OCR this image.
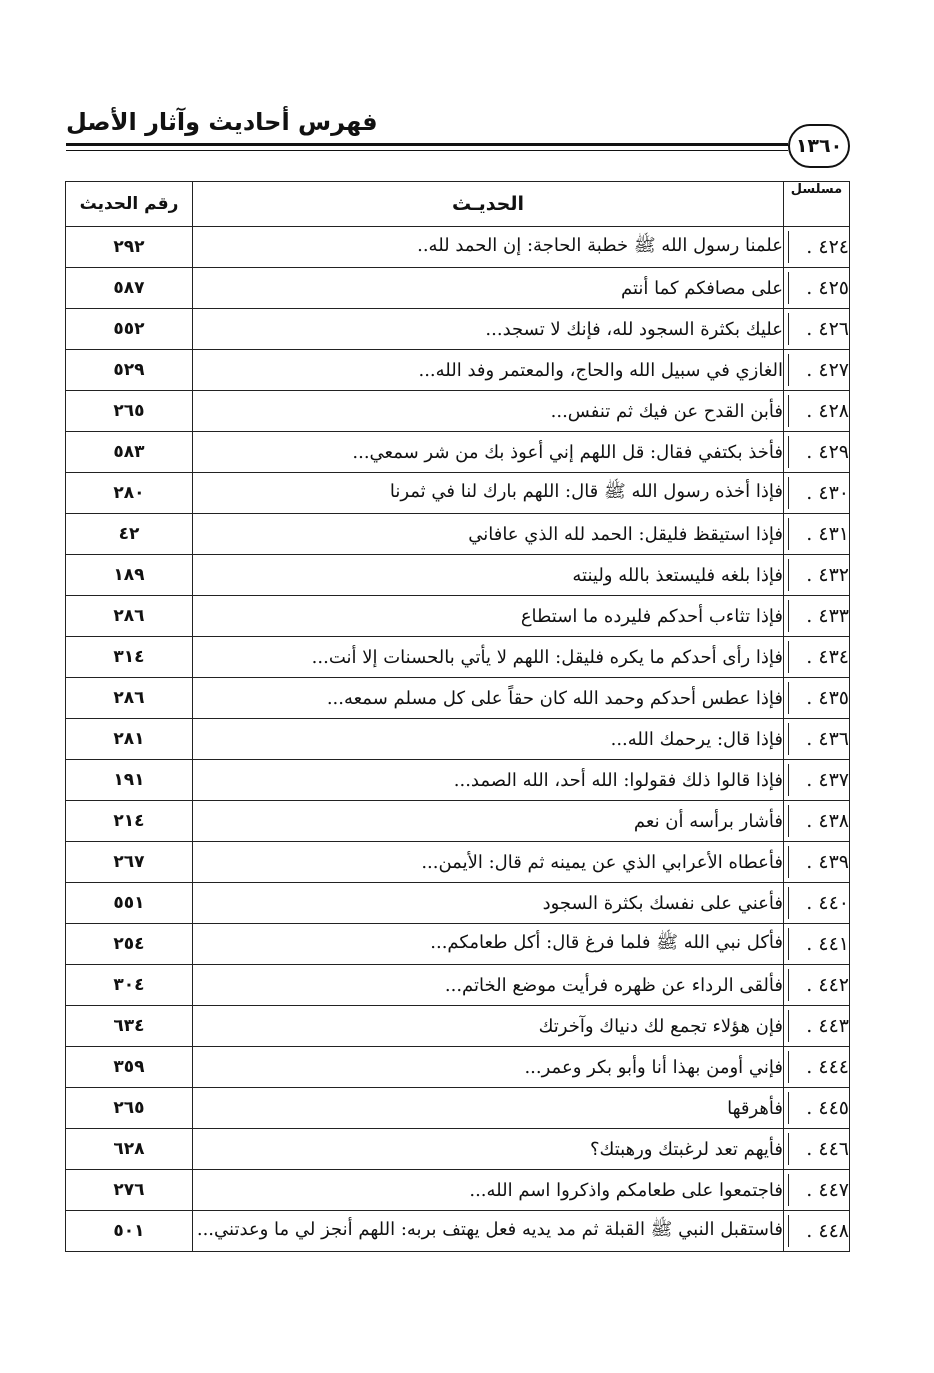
فهرس أحاديث وآثار الأصل
١٣٦٠
مسلسل	الحديـث	رقم الحديث
٤٢٤ .	علمنا رسول الله ﷺ خطبة الحاجة: إن الحمد لله..	٢٩٢
٤٢٥ .	على مصافكم كما أنتم	٥٨٧
٤٢٦ .	عليك بكثرة السجود لله، فإنك لا تسجد...	٥٥٢
٤٢٧ .	الغازي في سبيل الله والحاج، والمعتمر وفد الله...	٥٢٩
٤٢٨ .	فأبن القدح عن فيك ثم تنفس...	٢٦٥
٤٢٩ .	فأخذ بكتفي فقال: قل اللهم إني أعوذ بك من شر سمعي...	٥٨٣
٤٣٠ .	فإذا أخذه رسول الله ﷺ قال: اللهم بارك لنا في ثمرنا	٢٨٠
٤٣١ .	فإذا استيقظ فليقل: الحمد لله الذي عافاني	٤٢
٤٣٢ .	فإذا بلغه فليستعذ بالله ولينته	١٨٩
٤٣٣ .	فإذا تثاءب أحدكم فليرده ما استطاع	٢٨٦
٤٣٤ .	فإذا رأى أحدكم ما يكره فليقل: اللهم لا يأتي بالحسنات إلا أنت...	٣١٤
٤٣٥ .	فإذا عطس أحدكم وحمد الله كان حقاً على كل مسلم سمعه...	٢٨٦
٤٣٦ .	فإذا قال: يرحمك الله...	٢٨١
٤٣٧ .	فإذا قالوا ذلك فقولوا: الله أحد، الله الصمد...	١٩١
٤٣٨ .	فأشار برأسه أن نعم	٢١٤
٤٣٩ .	فأعطاه الأعرابي الذي عن يمينه ثم قال: الأيمن...	٢٦٧
٤٤٠ .	فأعني على نفسك بكثرة السجود	٥٥١
٤٤١ .	فأكل نبي الله ﷺ فلما فرغ قال: أكل طعامكم...	٢٥٤
٤٤٢ .	فألقى الرداء عن ظهره فرأيت موضع الخاتم...	٣٠٤
٤٤٣ .	فإن هؤلاء تجمع لك دنياك وآخرتك	٦٣٤
٤٤٤ .	فإني أومن بهذا أنا وأبو بكر وعمر...	٣٥٩
٤٤٥ .	فأهرقها	٢٦٥
٤٤٦ .	فأيهم تعد لرغبتك ورهبتك؟	٦٢٨
٤٤٧ .	فاجتمعوا على طعامكم واذكروا اسم الله...	٢٧٦
٤٤٨ .	فاستقبل النبي ﷺ القبلة ثم مد يديه فعل يهتف بربه: اللهم أنجز لي ما وعدتني...	٥٠١
